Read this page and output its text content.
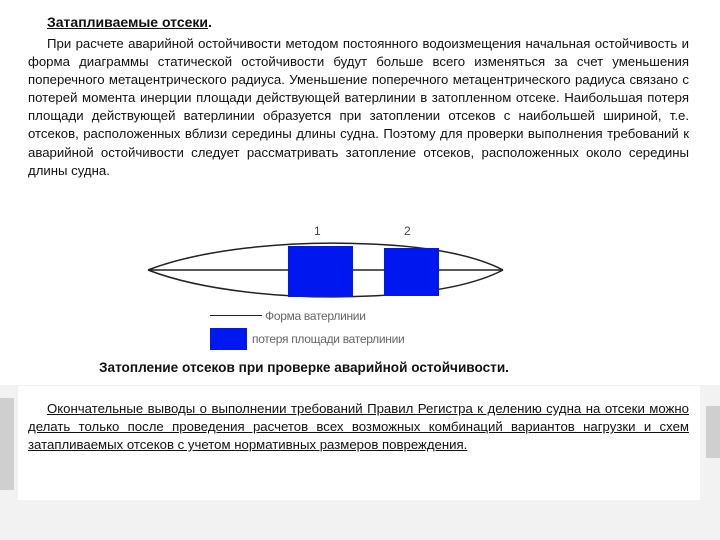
Затапливаемые отсеки.

При расчете аварийной остойчивости методом постоянного водоизмещения начальная остойчивость и форма диаграммы статической остойчивости будут больше всего изменяться за счет уменьшения поперечного метацентрического радиуса. Уменьшение поперечного метацентрического радиуса связано с потерей момента инерции площади действующей ватерлинии в затопленном отсеке. Наибольшая потеря площади действующей ватерлинии образуется при затоплении отсеков с наибольшей шириной, т.е. отсеков, расположенных вблизи середины длины судна. Поэтому для проверки выполнения требований к аварийной остойчивости следует рассматривать затопление отсеков, расположенных около середины длины судна.

1	2
Форма ватерлинии
потеря площади ватерлинии
Затопление отсеков при проверке аварийной остойчивости.

Окончательные выводы о выполнении требований Правил Регистра к делению судна на отсеки можно делать только после проведения расчетов всех возможных комбинаций вариантов нагрузки и схем затапливаемых отсеков с учетом нормативных размеров повреждения.
